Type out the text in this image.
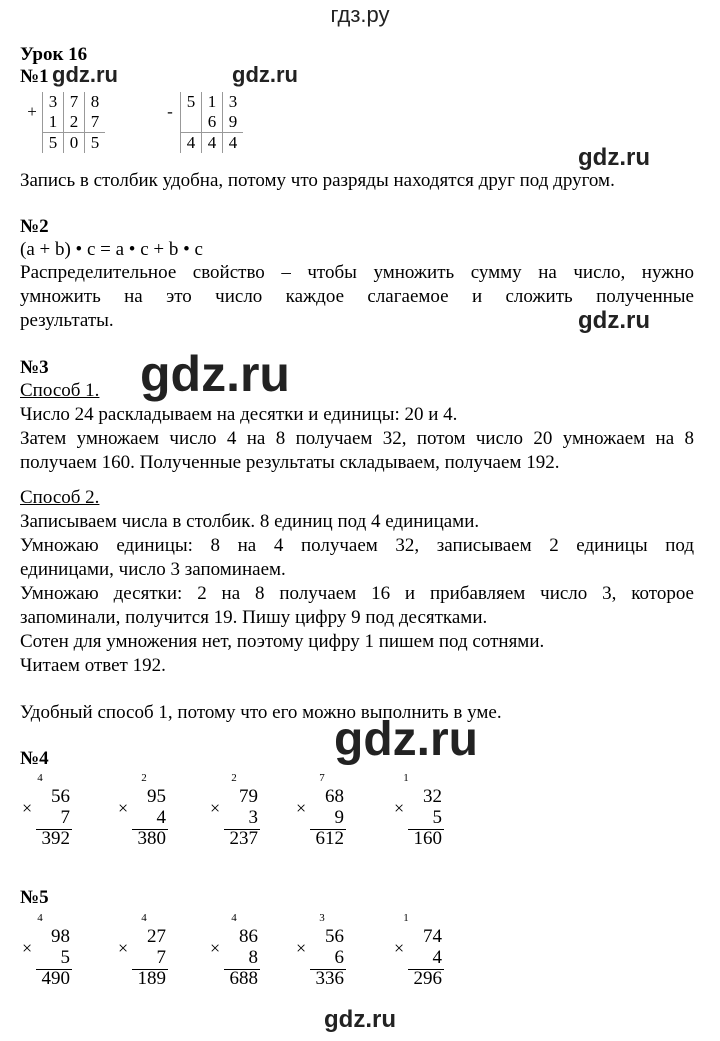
гдз.ру
Урок 16
№1 gdz.ru	gdz.ru
+	3	7	8
	1	2	7
	5	0	5
-	5	1	3
		6	9
	4	4	4
gdz.ru
Запись в столбик удобна, потому что разряды находятся друг под другом.
№2
(a + b) • c = a • c + b • c
Распределительное свойство – чтобы умножить сумму на число, нужно
умножить на это число каждое слагаемое и сложить полученные
результаты.	gdz.ru
№3 gdz.ru
Способ 1.
Число 24 раскладываем на десятки и единицы: 20 и 4.
Затем умножаем число 4 на 8 получаем 32, потом число 20 умножаем на 8
получаем 160. Полученные результаты складываем, получаем 192.
Способ 2.
Записываем числа в столбик. 8 единиц под 4 единицами.
Умножаю единицы: 8 на 4 получаем 32, записываем 2 единицы под
единицами, число 3 запоминаем.
Умножаю десятки: 2 на 8 получаем 16 и прибавляем число 3, которое
запоминали, получится 19. Пишу цифру 9 под десятками.
Сотен для умножения нет, поэтому цифру 1 пишем под сотнями.
Читаем ответ 192.
Удобный способ 1, потому что его можно выполнить в уме.
gdz.ru
№4
4
×
56
7
392
2
×
95
4
380
2
×
79
3
237
7
×
68
9
612
1
×
32
5
160
№5
4
×
98
5
490
4
×
27
7
189
4
×
86
8
688
3
×
56
6
336
1
×
74
4
296
gdz.ru
